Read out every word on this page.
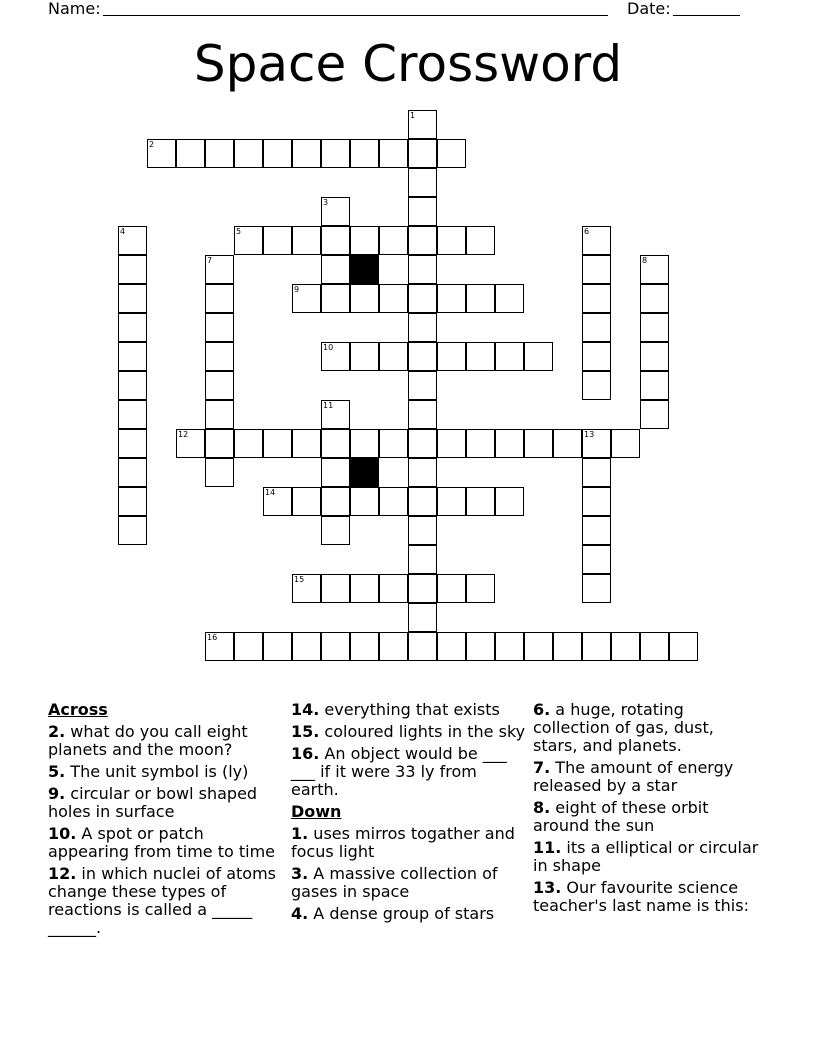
Name:	Date:
Space Crossword
1
2
3
4	5	6
7	8
9
10
11
12	13
14
15
16
Across
2. what do you call eight planets and the moon?
5. The unit symbol is (ly)
9. circular or bowl shaped holes in surface
10. A spot or patch appearing from time to time
12. in which nuclei of atoms change these types of reactions is called a _____ ______.
14. everything that exists
15. coloured lights in the sky
16. An object would be ___ ___ if it were 33 ly from earth.
Down
1. uses mirros togather and focus light
3. A massive collection of gases in space
4. A dense group of stars
6. a huge, rotating collection of gas, dust, stars, and planets.
7. The amount of energy released by a star
8. eight of these orbit around the sun
11. its a elliptical or circular in shape
13. Our favourite science teacher's last name is this:
